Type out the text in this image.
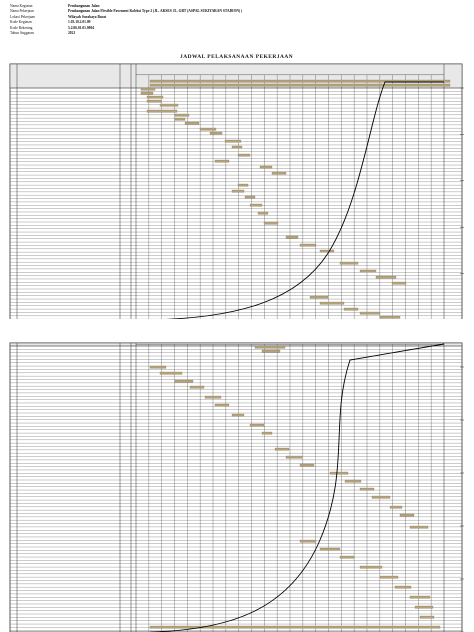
Nama Kegiatan	Pembangunan Jalan
Nama Pekerjaan	Pembangunan Jalan Flexible Pavement Koleksi Type 2 (JL. AKSES JL. GBT (ASPAL SUKIYARAN STADION) )
Lokasi Pekerjaan	Wilayah Surabaya Barat
Kode Kegiatan	1.03.10.2.01.09
Kode Rekening	5.2.06.01.01.0004
Tahun Anggaran	2021
JADWAL PELAKSANAAN PEKERJAAN
